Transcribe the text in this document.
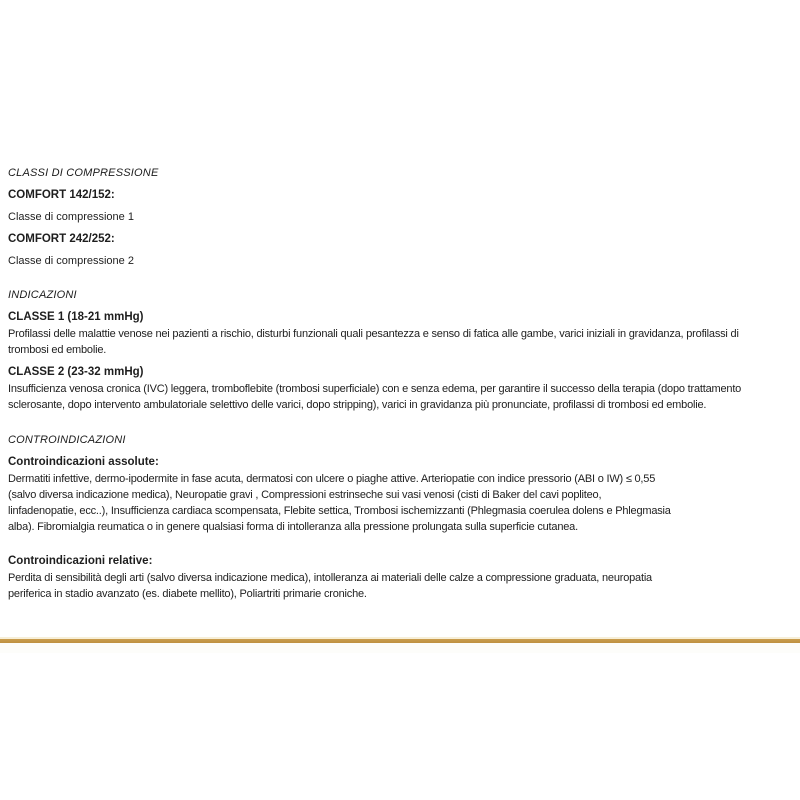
CLASSI DI COMPRESSIONE

COMFORT 142/152:

Classe di compressione 1

COMFORT 242/252:

Classe di compressione 2

INDICAZIONI
CLASSE 1 (18-21 mmHg)
Profilassi delle malattie venose nei pazienti a rischio, disturbi funzionali quali pesantezza e senso di fatica alle gambe, varici iniziali in gravidanza, profilassi di
trombosi ed embolie.
CLASSE 2 (23-32 mmHg)
Insufficienza venosa cronica (IVC) leggera, tromboflebite (trombosi superficiale) con e senza edema, per garantire il successo della terapia (dopo trattamento
sclerosante, dopo intervento ambulatoriale selettivo delle varici, dopo stripping), varici in gravidanza più pronunciate, profilassi di trombosi ed embolie.
CONTROINDICAZIONI
Controindicazioni assolute:
Dermatiti infettive, dermo-ipodermite in fase acuta, dermatosi con ulcere o piaghe attive. Arteriopatie con indice pressorio (ABI o IW) ≤ 0,55
(salvo diversa indicazione medica), Neuropatie gravi , Compressioni estrinseche sui vasi venosi (cisti di Baker del cavi popliteo,
linfadenopatie, ecc..), Insufficienza cardiaca scompensata, Flebite settica, Trombosi ischemizzanti (Phlegmasia coerulea dolens e Phlegmasia
alba). Fibromialgia reumatica o in genere qualsiasi forma di intolleranza alla pressione prolungata sulla superficie cutanea.
Controindicazioni relative:
Perdita di sensibilità degli arti (salvo diversa indicazione medica), intolleranza ai materiali delle calze a compressione graduata, neuropatia
periferica in stadio avanzato (es. diabete mellito), Poliartriti primarie croniche.
